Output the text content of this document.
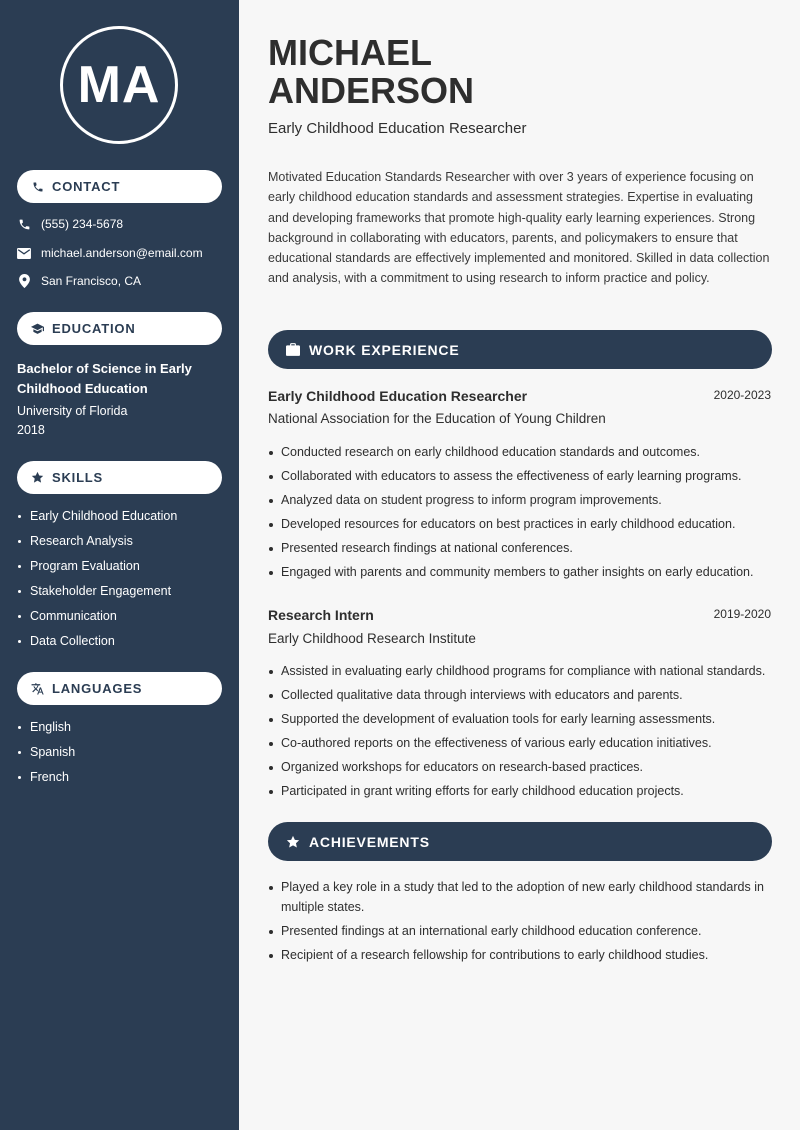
MA
CONTACT
(555) 234-5678
michael.anderson@email.com
San Francisco, CA
EDUCATION
Bachelor of Science in Early Childhood Education
University of Florida
2018
SKILLS
Early Childhood Education
Research Analysis
Program Evaluation
Stakeholder Engagement
Communication
Data Collection
LANGUAGES
English
Spanish
French
MICHAEL
ANDERSON
Early Childhood Education Researcher

Motivated Education Standards Researcher with over 3 years of experience focusing on early childhood education standards and assessment strategies. Expertise in evaluating and developing frameworks that promote high-quality early learning experiences. Strong background in collaborating with educators, parents, and policymakers to ensure that educational standards are effectively implemented and monitored. Skilled in data collection and analysis, with a commitment to using research to inform practice and policy.

WORK EXPERIENCE
Early Childhood Education Researcher	2020-2023
National Association for the Education of Young Children
Conducted research on early childhood education standards and outcomes.
Collaborated with educators to assess the effectiveness of early learning programs.
Analyzed data on student progress to inform program improvements.
Developed resources for educators on best practices in early childhood education.
Presented research findings at national conferences.
Engaged with parents and community members to gather insights on early education.
Research Intern	2019-2020
Early Childhood Research Institute
Assisted in evaluating early childhood programs for compliance with national standards.
Collected qualitative data through interviews with educators and parents.
Supported the development of evaluation tools for early learning assessments.
Co-authored reports on the effectiveness of various early education initiatives.
Organized workshops for educators on research-based practices.
Participated in grant writing efforts for early childhood education projects.
ACHIEVEMENTS
Played a key role in a study that led to the adoption of new early childhood standards in multiple states.
Presented findings at an international early childhood education conference.
Recipient of a research fellowship for contributions to early childhood studies.
